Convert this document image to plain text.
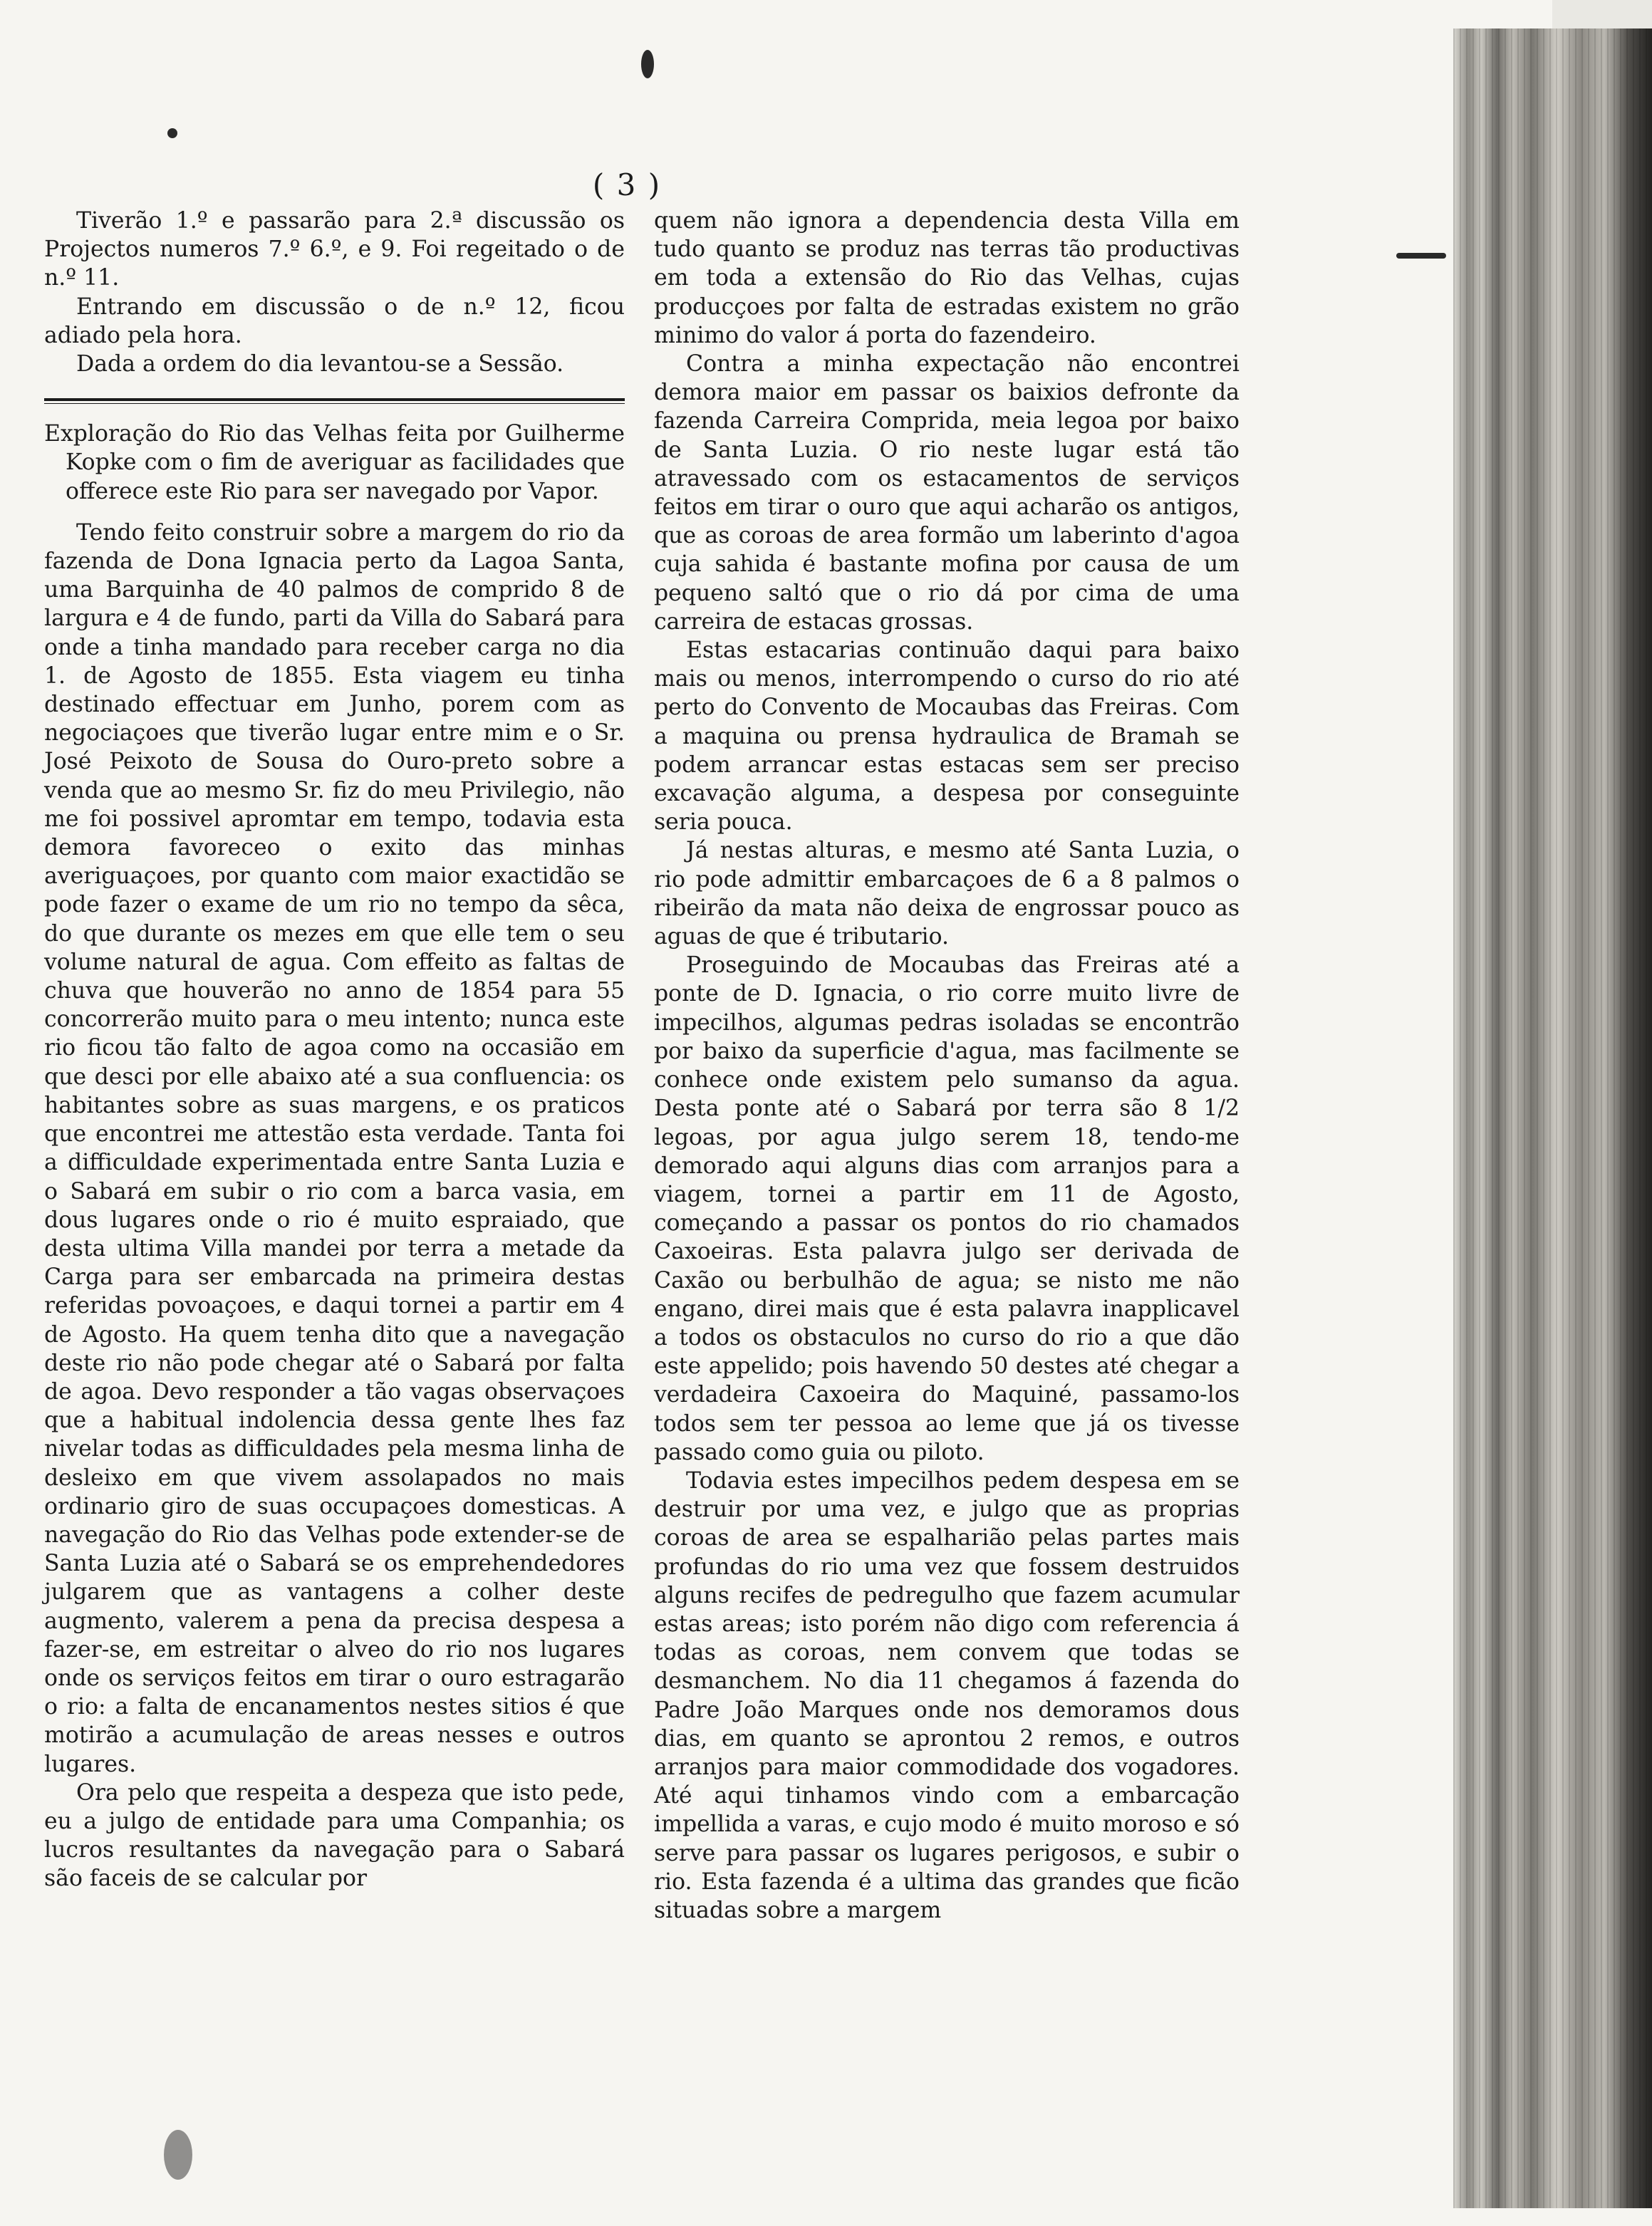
( 3 )

Tiverão 1.º e passarão para 2.ª discussão os Projectos numeros 7.º 6.º, e 9. Foi regeitado o de n.º 11.

Entrando em discussão o de n.º 12, ficou adiado pela hora.

Dada a ordem do dia levantou-se a Sessão.

Exploração do Rio das Velhas feita por Guilherme Kopke com o fim de averiguar as facilidades que offerece este Rio para ser navegado por Vapor.

Tendo feito construir sobre a margem do rio da fazenda de Dona Ignacia perto da Lagoa Santa, uma Barquinha de 40 palmos de comprido 8 de largura e 4 de fundo, parti da Villa do Sabará para onde a tinha mandado para receber carga no dia 1. de Agosto de 1855. Esta viagem eu tinha destinado effectuar em Junho, porem com as negociaçoes que tiverão lugar entre mim e o Sr. José Peixoto de Sousa do Ouro-preto sobre a venda que ao mesmo Sr. fiz do meu Privilegio, não me foi possivel apromtar em tempo, todavia esta demora favoreceo o exito das minhas averiguaçoes, por quanto com maior exactidão se pode fazer o exame de um rio no tempo da sêca, do que durante os mezes em que elle tem o seu volume natural de agua. Com effeito as faltas de chuva que houverão no anno de 1854 para 55 concorrerão muito para o meu intento; nunca este rio ficou tão falto de agoa como na occasião em que desci por elle abaixo até a sua confluencia: os habitantes sobre as suas margens, e os praticos que encontrei me attestão esta verdade. Tanta foi a difficuldade experimentada entre Santa Luzia e o Sabará em subir o rio com a barca vasia, em dous lugares onde o rio é muito espraiado, que desta ultima Villa mandei por terra a metade da Carga para ser embarcada na primeira destas referidas povoaçoes, e daqui tornei a partir em 4 de Agosto. Ha quem tenha dito que a navegação deste rio não pode chegar até o Sabará por falta de agoa. Devo responder a tão vagas observaçoes que a habitual indolencia dessa gente lhes faz nivelar todas as difficuldades pela mesma linha de desleixo em que vivem assolapados no mais ordinario giro de suas occupaçoes domesticas. A navegação do Rio das Velhas pode extender-se de Santa Luzia até o Sabará se os emprehendedores julgarem que as vantagens a colher deste augmento, valerem a pena da precisa despesa a fazer-se, em estreitar o alveo do rio nos lugares onde os serviços feitos em tirar o ouro estragarão o rio: a falta de encanamentos nestes sitios é que motirão a acumulação de areas nesses e outros lugares.

Ora pelo que respeita a despeza que isto pede, eu a julgo de entidade para uma Companhia; os lucros resultantes da navegação para o Sabará são faceis de se calcular por

quem não ignora a dependencia desta Villa em tudo quanto se produz nas terras tão productivas em toda a extensão do Rio das Velhas, cujas producçoes por falta de estradas existem no grão minimo do valor á porta do fazendeiro.

Contra a minha expectação não encontrei demora maior em passar os baixios defronte da fazenda Carreira Comprida, meia legoa por baixo de Santa Luzia. O rio neste lugar está tão atravessado com os estacamentos de serviços feitos em tirar o ouro que aqui acharão os antigos, que as coroas de area formão um laberinto d'agoa cuja sahida é bastante mofina por causa de um pequeno saltó que o rio dá por cima de uma carreira de estacas grossas.

Estas estacarias continuão daqui para baixo mais ou menos, interrompendo o curso do rio até perto do Convento de Mocaubas das Freiras. Com a maquina ou prensa hydraulica de Bramah se podem arrancar estas estacas sem ser preciso excavação alguma, a despesa por conseguinte seria pouca.

Já nestas alturas, e mesmo até Santa Luzia, o rio pode admittir embarcaçoes de 6 a 8 palmos o ribeirão da mata não deixa de engrossar pouco as aguas de que é tributario.

Proseguindo de Mocaubas das Freiras até a ponte de D. Ignacia, o rio corre muito livre de impecilhos, algumas pedras isoladas se encontrão por baixo da superficie d'agua, mas facilmente se conhece onde existem pelo sumanso da agua. Desta ponte até o Sabará por terra são 8 1/2 legoas, por agua julgo serem 18, tendo-me demorado aqui alguns dias com arranjos para a viagem, tornei a partir em 11 de Agosto, começando a passar os pontos do rio chamados Caxoeiras. Esta palavra julgo ser derivada de Caxão ou berbulhão de agua; se nisto me não engano, direi mais que é esta palavra inapplicavel a todos os obstaculos no curso do rio a que dão este appelido; pois havendo 50 destes até chegar a verdadeira Caxoeira do Maquiné, passamo-los todos sem ter pessoa ao leme que já os tivesse passado como guia ou piloto.

Todavia estes impecilhos pedem despesa em se destruir por uma vez, e julgo que as proprias coroas de area se espalharião pelas partes mais profundas do rio uma vez que fossem destruidos alguns recifes de pedregulho que fazem acumular estas areas; isto porém não digo com referencia á todas as coroas, nem convem que todas se desmanchem. No dia 11 chegamos á fazenda do Padre João Marques onde nos demoramos dous dias, em quanto se aprontou 2 remos, e outros arranjos para maior commodidade dos vogadores. Até aqui tinhamos vindo com a embarcação impellida a varas, e cujo modo é muito moroso e só serve para passar os lugares perigosos, e subir o rio. Esta fazenda é a ultima das grandes que ficão situadas sobre a margem
